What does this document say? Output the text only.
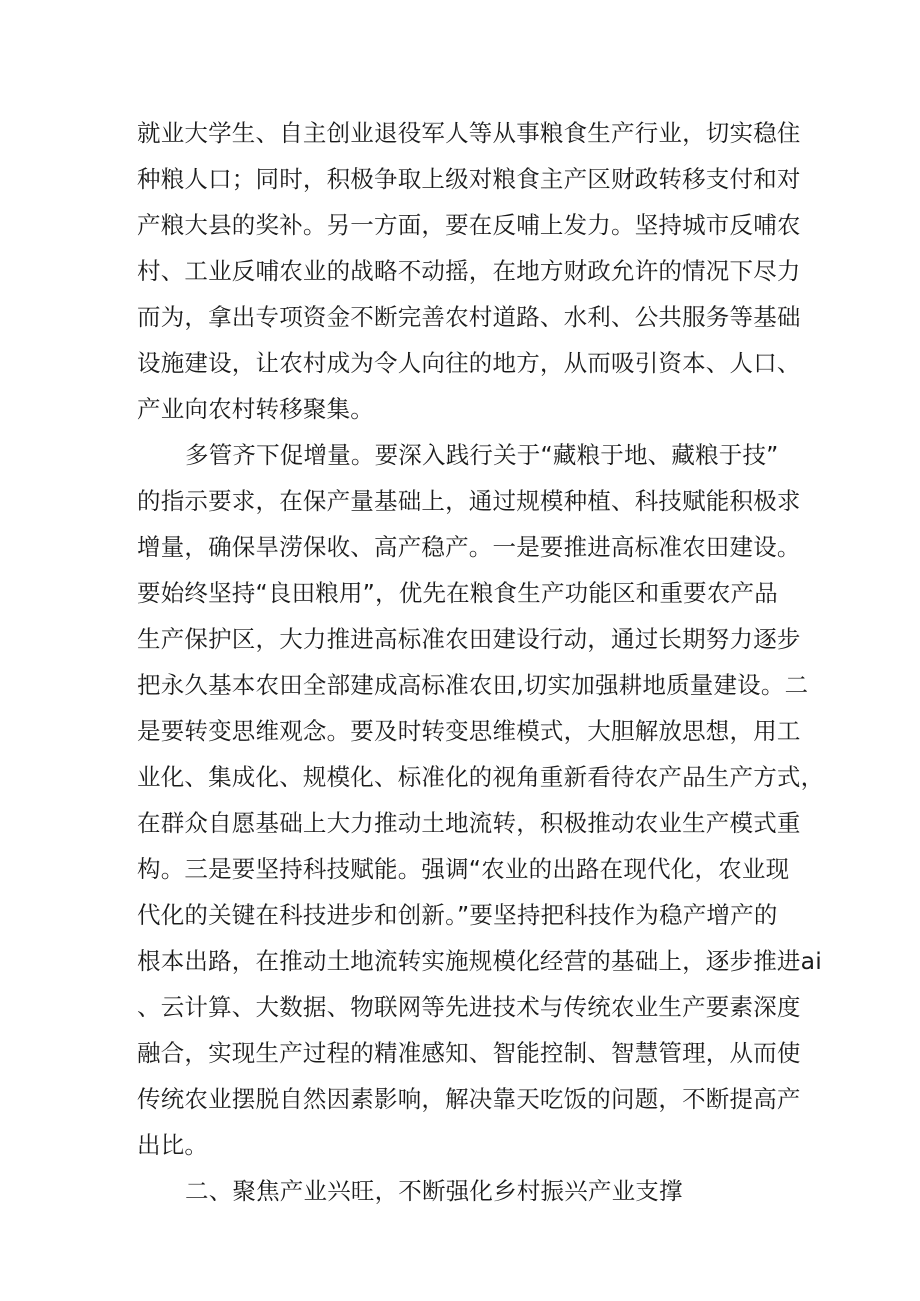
就业大学生、自主创业退役军人等从事粮食生产行业，切实稳住
种粮人口；同时，积极争取上级对粮食主产区财政转移支付和对
产粮大县的奖补。另一方面，要在反哺上发力。坚持城市反哺农
村、工业反哺农业的战略不动摇，在地方财政允许的情况下尽力
而为，拿出专项资金不断完善农村道路、水利、公共服务等基础
设施建设，让农村成为令人向往的地方，从而吸引资本、人口、
产业向农村转移聚集。
多管齐下促增量。要深入践行关于“藏粮于地、藏粮于技”
的指示要求，在保产量基础上，通过规模种植、科技赋能积极求
增量，确保旱涝保收、高产稳产。一是要推进高标准农田建设。
要始终坚持“良田粮用”，优先在粮食生产功能区和重要农产品
生产保护区，大力推进高标准农田建设行动，通过长期努力逐步
把永久基本农田全部建成高标准农田,切实加强耕地质量建设。二
是要转变思维观念。要及时转变思维模式，大胆解放思想，用工
业化、集成化、规模化、标准化的视角重新看待农产品生产方式，
在群众自愿基础上大力推动土地流转，积极推动农业生产模式重
构。三是要坚持科技赋能。强调“农业的出路在现代化，农业现
代化的关键在科技进步和创新。”要坚持把科技作为稳产增产的
根本出路，在推动土地流转实施规模化经营的基础上，逐步推进ai
、云计算、大数据、物联网等先进技术与传统农业生产要素深度
融合，实现生产过程的精准感知、智能控制、智慧管理，从而使
传统农业摆脱自然因素影响，解决靠天吃饭的问题，不断提高产
出比。
二、聚焦产业兴旺，不断强化乡村振兴产业支撑
